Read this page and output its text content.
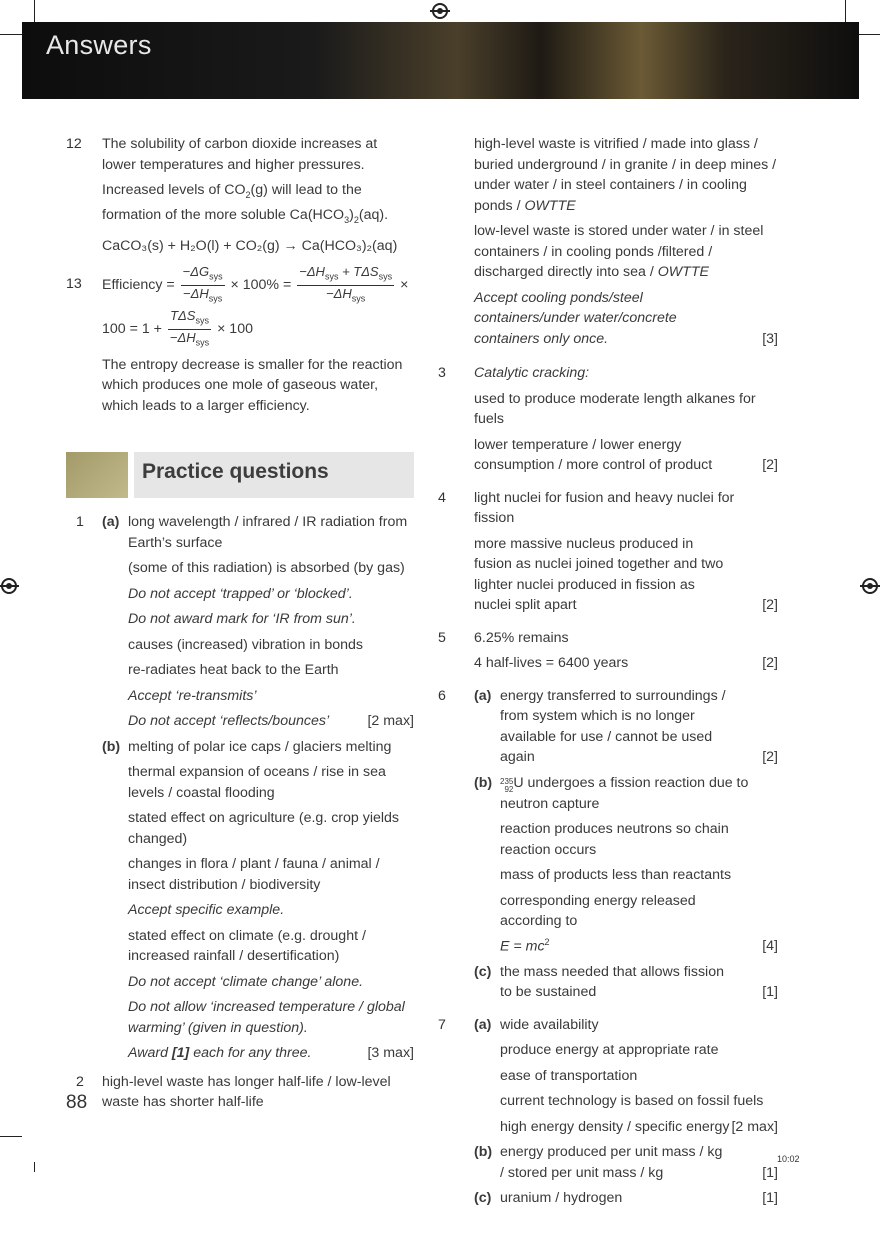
Answers
12 The solubility of carbon dioxide increases at lower temperatures and higher pressures.
Increased levels of $CO_2(g)$ will lead to the formation of the more soluble $Ca(HCO_3)_2(aq)$.
CaCO₃(s) + H₂O(l) + CO₂(g) → Ca(HCO₃)₂(aq)
13 Efficiency = $\frac{-\Delta G_{sys}}{-\Delta H_{sys}} \times 100\% = \frac{-\Delta H_{sys} + T\Delta S_{sys}}{-\Delta H_{sys}}$ ×
$100 = 1 + \frac{T\Delta S_{sys}}{-\Delta H_{sys}} \times 100$
The entropy decrease is smaller for the reaction which produces one mole of gaseous water, which leads to a larger efficiency.
Practice questions
1 (a) long wavelength / infrared / IR radiation from Earth’s surface
(some of this radiation) is absorbed (by gas)
Do not accept ‘trapped’ or ‘blocked’.
Do not award mark for ‘IR from sun’.
causes (increased) vibration in bonds
re-radiates heat back to the Earth
Accept ‘re-transmits’
Do not accept ‘reflects/bounces’	[2 max]
(b) melting of polar ice caps / glaciers melting
thermal expansion of oceans / rise in sea levels / coastal flooding
stated effect on agriculture (e.g. crop yields changed)
changes in flora / plant / fauna / animal / insect distribution / biodiversity
Accept specific example.
stated effect on climate (e.g. drought / increased rainfall / desertification)
Do not accept ‘climate change’ alone.
Do not allow ‘increased temperature / global warming’ (given in question).
Award [1] each for any three.	[3 max]
2 high-level waste has longer half-life / low-level waste has shorter half-life
high-level waste is vitrified / made into glass / buried underground / in granite / in deep mines / under water / in steel containers / in cooling ponds / OWTTE
low-level waste is stored under water / in steel containers / in cooling ponds /filtered / discharged directly into sea / OWTTE
Accept cooling ponds/steel containers/under water/concrete containers only once.	[3]
3 Catalytic cracking:
used to produce moderate length alkanes for fuels
lower temperature / lower energy consumption / more control of product	[2]
4 light nuclei for fusion and heavy nuclei for fission
more massive nucleus produced in fusion as nuclei joined together and two lighter nuclei produced in fission as nuclei split apart	[2]
5 6.25% remains
4 half-lives = 6400 years	[2]
6 (a) energy transferred to surroundings / from system which is no longer available for use / cannot be used again	[2]
(b) 235
92U undergoes a fission reaction due to neutron capture
reaction produces neutrons so chain reaction occurs
mass of products less than reactants
corresponding energy released according to
$E = mc^2$	[4]
(c) the mass needed that allows fission to be sustained	[1]
7 (a) wide availability
produce energy at appropriate rate
ease of transportation
current technology is based on fossil fuels
high energy density / specific energy [2 max]
(b) energy produced per unit mass / kg / stored per unit mass / kg	[1]
(c) uranium / hydrogen	[1]
88
10:02
